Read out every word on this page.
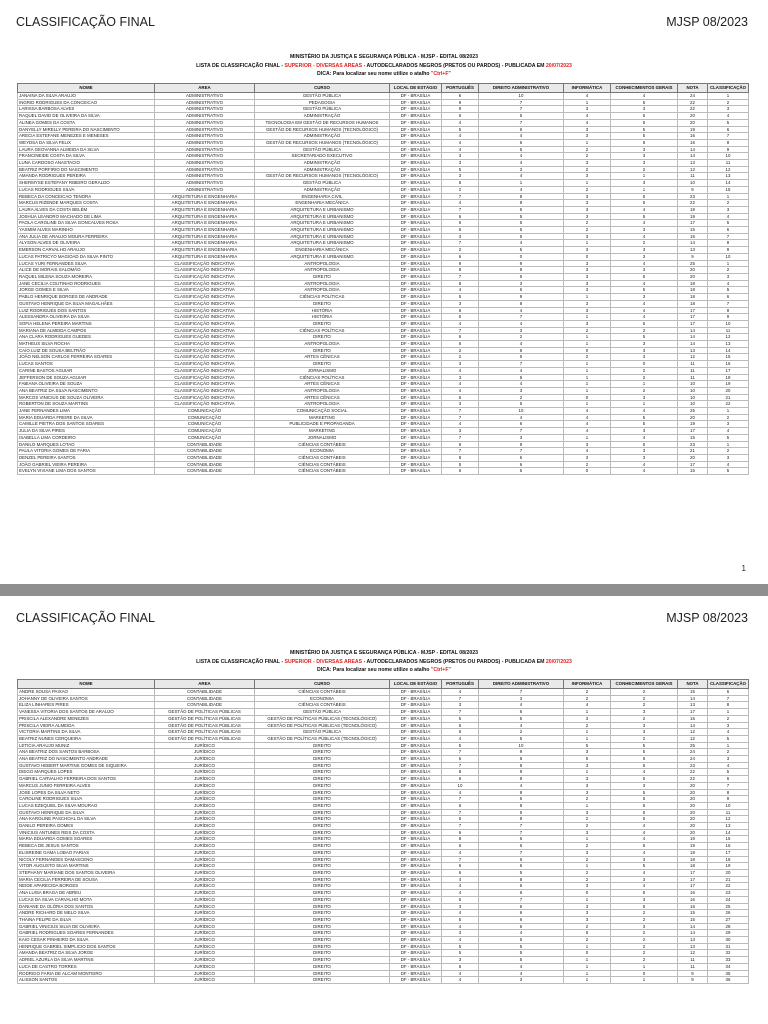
CLASSIFICAÇÃO FINAL	MJSP 08/2023
MINISTÉRIO DA JUSTIÇA E SEGURANÇA PÚBLICA - MJSP - EDITAL 08/2023
LISTA DE CLASSIFICAÇÃO FINAL - SUPERIOR - DIVERSAS AREAS - AUTODECLARADOS NEGROS (PRETOS OU PARDOS) - PUBLICADA EM 20/07/2023
DICA: Para localizar seu nome utilize o atalho "Ctrl+F"
NOME	AREA	CURSO	LOCAL DE ESTÁGIO	PORTUGUÊS	DIREITO ADMINISTRATIVO	INFORMÁTICA	CONHECIMENTOS GERAIS	NOTA	CLASSIFICAÇÃO
JANAINA DA SILVA ARAUJO	ADMINISTRATIVO	GESTÃO PÚBLICA	DF - BRASÍLIA	6	10	4	4	24	1
INGRID RODRIGUES DA CONCEICAO	ADMINISTRATIVO	PEDAGOGIA	DF - BRASÍLIA	9	7	1	5	22	2
LARISSA BARBOSA ALVES	ADMINISTRATIVO	GESTÃO PÚBLICA	DF - BRASÍLIA	9	7	3	3	22	3
RAQUEL DAVID DE OLIVEIRA DA SILVA	ADMINISTRATIVO	ADMINISTRAÇÃO	DF - BRASÍLIA	6	5	4	5	20	4
ALINEA GOMES DA COSTA	ADMINISTRATIVO	TECNOLOGIA EM GESTÃO DE RECURSOS HUMANOS	DF - BRASÍLIA	4	7	4	5	20	5
DANYELLY MIRELLY PEREIRA DO NASCIMENTO	ADMINISTRATIVO	GESTÃO DE RECURSOS HUMANOS (TECNOLÓGICO)	DF - BRASÍLIA	5	6	3	5	19	6
ARECIA ESTEFANE MENEZES E MENESES	ADMINISTRATIVO	ADMINISTRAÇÃO	DF - BRASÍLIA	4	4	3	5	16	7
WEYDSA DA SILVA FELIX	ADMINISTRATIVO	GESTÃO DE RECURSOS HUMANOS (TECNOLÓGICO)	DF - BRASÍLIA	4	6	1	5	16	8
LAURA GEOVANNA ALMEIDA DA SILVA	ADMINISTRATIVO	GESTÃO PÚBLICA	DF - BRASÍLIA	4	5	2	3	14	9
FRANCINEIDE COSTA DA SILVA	ADMINISTRATIVO	SECRETARIADO EXECUTIVO	DF - BRASÍLIA	3	4	2	3	14	10
LUNA CARDOSO ANASTACIO	ADMINISTRATIVO	ADMINISTRAÇÃO	DF - BRASÍLIA	3	4	3	3	13	11
BEATRIZ PORFIRIO DO NASCIMENTO	ADMINISTRATIVO	ADMINISTRAÇÃO	DF - BRASÍLIA	5	3	2	2	12	12
AMANDA RODRIGUES PEREIRA	ADMINISTRATIVO	GESTÃO DE RECURSOS HUMANOS (TECNOLÓGICO)	DF - BRASÍLIA	3	4	3	1	11	13
SHERMYSE ESTEFANY RIBEIRO GERALDO	ADMINISTRATIVO	GESTÃO PÚBLICA	DF - BRASÍLIA	5	1	1	3	10	14
LUCAS RODRIGUES SILVA	ADMINISTRATIVO	ADMINISTRAÇÃO	DF - BRASÍLIA	2	4	2	1	9	15
REBECA DA CONCEICAO TENORA	ARQUITETURA E ENGENHARIA	ENGENHARIA CIVIL	DF - BRASÍLIA	7	8	3	5	23	1
MARCUS RIZENDE MARQUES COSTA	ARQUITETURA E ENGENHARIA	ENGENHARIA MECÂNICA	DF - BRASÍLIA	4	8	3	5	22	2
LAURA ALVES DA COSTA BELÉM	ARQUITETURA E ENGENHARIA	ARQUITETURA E URBANISMO	DF - BRASÍLIA	7	5	3	4	19	3
JOSHUA LEANDRO MACHADO DE LIMA	ARQUITETURA E ENGENHARIA	ARQUITETURA E URBANISMO	DF - BRASÍLIA	6	5	3	5	19	4
PAOLA CAROLINE DA SILVA GONCALVES ROSA	ARQUITETURA E ENGENHARIA	ARQUITETURA E URBANISMO	DF - BRASÍLIA	6	5	2	4	17	5
YASMIM ALVES MARINHO	ARQUITETURA E ENGENHARIA	ARQUITETURA E URBANISMO	DF - BRASÍLIA	5	5	2	3	15	6
ANA JULIA DE ARAUJO MOURA FERREIRA	ARQUITETURA E ENGENHARIA	ARQUITETURA E URBANISMO	DF - BRASÍLIA	3	5	3	4	15	7
ALYSON ALVES DE OLIVEIRA	ARQUITETURA E ENGENHARIA	ARQUITETURA E URBANISMO	DF - BRASÍLIA	7	4	1	2	14	8
EMERSON CARVALHO ARAUJO	ARQUITETURA E ENGENHARIA	ENGENHARIA MECÂNICA	DF - BRASÍLIA	2	5	3	3	13	9
LUCAS PATRICYO MAGIOAD DA SILVA PINTO	ARQUITETURA E ENGENHARIA	ARQUITETURA E URBANISMO	DF - BRASÍLIA	6	0	0	3	9	10
LUCAS YURI FERNANDES SILVA	CLASSIFICAÇÃO INDICATIVA	ANTROPOLOGIA	DF - BRASÍLIA	9	9	3	4	25	1
ALICE DE MORAIS SALOMÃO	CLASSIFICAÇÃO INDICATIVA	ANTROPOLOGIA	DF - BRASÍLIA	8	8	3	3	20	2
RAQUEL MILENA SOUZA MOREIRA	CLASSIFICAÇÃO INDICATIVA	DIREITO	DF - BRASÍLIA	7	5	3	5	20	3
JANE CECILIA COUTINHO RODRIGUES	CLASSIFICAÇÃO INDICATIVA	ANTROPOLOGIA	DF - BRASÍLIA	8	3	3	4	18	4
JORGE GOMES E SILVA	CLASSIFICAÇÃO INDICATIVA	ANTROPOLOGIA	DF - BRASÍLIA	4	6	3	5	18	5
PABLO HENRIQUE BORGES DE ANDRADE	CLASSIFICAÇÃO INDICATIVA	CIÊNCIAS POLÍTICAS	DF - BRASÍLIA	5	9	1	3	18	6
GUSTAVO HENRIQUE DA SILVA MAGALHÃES	CLASSIFICAÇÃO INDICATIVA	DIREITO	DF - BRASÍLIA	3	8	3	4	18	7
LUIZ RODRIGUES DOS SANTOS	CLASSIFICAÇÃO INDICATIVA	HISTÓRIA	DF - BRASÍLIA	6	4	3	4	17	8
ALESSANDRA OLIVEIRA DA SILVA	CLASSIFICAÇÃO INDICATIVA	HISTÓRIA	DF - BRASÍLIA	5	7	1	4	17	9
SOFIA HELENA PEREIRA MARTINS	CLASSIFICAÇÃO INDICATIVA	DIREITO	DF - BRASÍLIA	4	4	3	5	17	10
MARIANA DE ALMEIDA CAMPOS	CLASSIFICAÇÃO INDICATIVA	CIÊNCIAS POLÍTICAS	DF - BRASÍLIA	7	3	2	2	14	11
ANA CLARA RODRIGUES GUEDES	CLASSIFICAÇÃO INDICATIVA	DIREITO	DF - BRASÍLIA	6	2	1	5	14	12
MATHEUS SILVA ROCHA	CLASSIFICAÇÃO INDICATIVA	ANTROPOLOGIA	DF - BRASÍLIA	6	4	1	3	14	13
CAIO LUIZ DE SOUSA BELTRÃO	CLASSIFICAÇÃO INDICATIVA	DIREITO	DF - BRASÍLIA	2	8	0	3	13	14
JOÃO NELSON CARLOS FERREIRA SOARES	CLASSIFICAÇÃO INDICATIVA	ARTES CÊNICAS	DF - BRASÍLIA	2	5	2	3	12	15
LUCAS SANTOS	CLASSIFICAÇÃO INDICATIVA	DIREITO	DF - BRASÍLIA	3	7	1	0	11	16
CARINE BASTOS AGUIAR	CLASSIFICAÇÃO INDICATIVA	JORNALISMO	DF - BRASÍLIA	4	4	1	2	11	17
JEFFERSON DE SOUZA AGUIAR	CLASSIFICAÇÃO INDICATIVA	CIÊNCIAS POLÍTICAS	DF - BRASÍLIA	3	5	1	2	11	18
FABIANA OLIVEIRA DE SOUZA	CLASSIFICAÇÃO INDICATIVA	ARTES CÊNICAS	DF - BRASÍLIA	4	4	1	1	10	19
ANA BEATRIZ DA SILVA NASCIMENTO	CLASSIFICAÇÃO INDICATIVA	ANTROPOLOGIA	DF - BRASÍLIA	4	3	1	2	10	20
MARCOS VINICIUS DE SOUZA OLIVEIRA	CLASSIFICAÇÃO INDICATIVA	ARTES CÊNICAS	DF - BRASÍLIA	5	2	0	3	10	21
ROBERTON DE SOUZA MARTINS	CLASSIFICAÇÃO INDICATIVA	ANTROPOLOGIA	DF - BRASÍLIA	3	5	1	1	10	22
JANE FERNANDES LIMA	COMUNICAÇÃO	COMUNICAÇÃO SOCIAL	DF - BRASÍLIA	7	10	4	4	25	1
MARIA EDUARDA FREIRE DA SILVA	COMUNICAÇÃO	MARKETING	DF - BRASÍLIA	7	4	4	5	20	2
CAMILLE PIETRA DOS SANTOS SOARES	COMUNICAÇÃO	PUBLICIDADE E PROPAGANDA	DF - BRASÍLIA	4	6	4	5	19	3
JULIA DA SILVA PIRES	COMUNICAÇÃO	MARKETING	DF - BRASÍLIA	3	7	4	3	17	4
ISABELLA LIMA CORDEIRO	COMUNICAÇÃO	JORNALISMO	DF - BRASÍLIA	7	3	1	4	15	5
DANILO MARQUES LOTAO	CONTABILIDADE	CIÊNCIAS CONTÁBEIS	DF - BRASÍLIA	6	9	3	5	23	1
PAULA VITORIA GOMES DE FARIA	CONTABILIDADE	ECONOMIA	DF - BRASÍLIA	7	7	4	3	21	2
DENZEL PEREIRA SANTOS	CONTABILIDADE	CIÊNCIAS CONTÁBEIS	DF - BRASÍLIA	8	6	3	3	20	3
JOÃO GABRIEL VIEIRA PEREIRA	CONTABILIDADE	CIÊNCIAS CONTÁBEIS	DF - BRASÍLIA	5	6	2	4	17	4
EVELYN VIVIANE LIMA DOS SANTOS	CONTABILIDADE	CIÊNCIAS CONTÁBEIS	DF - BRASÍLIA	6	5	0	4	15	5
1
CLASSIFICAÇÃO FINAL	MJSP 08/2023
MINISTÉRIO DA JUSTIÇA E SEGURANÇA PÚBLICA - MJSP - EDITAL 08/2023
LISTA DE CLASSIFICAÇÃO FINAL - SUPERIOR - DIVERSAS AREAS - AUTODECLARADOS NEGROS (PRETOS OU PARDOS) - PUBLICADA EM 20/07/2023
DICA: Para localizar seu nome utilize o atalho "Ctrl+F"
NOME	AREA	CURSO	LOCAL DE ESTÁGIO	PORTUGUÊS	DIREITO ADMINISTRATIVO	INFORMÁTICA	CONHECIMENTOS GERAIS	NOTA	CLASSIFICAÇÃO
ANDRE SOUSA PAIXAO	CONTABILIDADE	CIÊNCIAS CONTÁBEIS	DF - BRASÍLIA	4	7	2	2	15	6
JOHANNY DE OLIVEIRA SANTOS	CONTABILIDADE	ECONOMIA	DF - BRASÍLIA	7	3	2	2	14	7
ELIZA LINHARES PIRES	CONTABILIDADE	CIÊNCIAS CONTÁBEIS	DF - BRASÍLIA	3	4	4	2	13	8
VANESSA VITORIA DOS SANTOS DE ARAUJO	GESTÃO DE POLÍTICAS PÚBLICAS	GESTÃO PÚBLICA	DF - BRASÍLIA	7	6	1	3	17	1
PRISCILA ALEXANDRE MENEZES	GESTÃO DE POLÍTICAS PÚBLICAS	GESTÃO DE POLÍTICAS PÚBLICAS (TECNOLÓGICO)	DF - BRASÍLIA	5	5	3	2	15	2
PRISCILA VIEIRA ALMEIDA	GESTÃO DE POLÍTICAS PÚBLICAS	GESTÃO DE POLÍTICAS PÚBLICAS (TECNOLÓGICO)	DF - BRASÍLIA	5	4	2	3	14	3
VICTORIA MARTINS DA SILVA	GESTÃO DE POLÍTICAS PÚBLICAS	GESTÃO PÚBLICA	DF - BRASÍLIA	6	2	1	3	12	4
BEATRIZ NUNES CERQUEIRA	GESTÃO DE POLÍTICAS PÚBLICAS	GESTÃO DE POLÍTICAS PÚBLICAS (TECNOLÓGICO)	DF - BRASÍLIA	4	5	1	2	12	5
LETICIA ARAUJO MUNIZ	JURÍDICO	DIREITO	DF - BRASÍLIA	5	10	5	5	25	1
ANA BEATRIZ DOS SANTOS BARBOSA	JURÍDICO	DIREITO	DF - BRASÍLIA	7	9	3	5	24	2
ANA BEATRIZ DO NASCIMENTO ANDRADE	JURÍDICO	DIREITO	DF - BRASÍLIA	6	8	5	5	24	3
GUSTAVO HEBERT MARTINS GOMES DE SIQUEIRA	JURÍDICO	DIREITO	DF - BRASÍLIA	7	8	3	5	23	4
DIEGO MARQUES LOPES	JURÍDICO	DIREITO	DF - BRASÍLIA	8	9	1	4	22	5
GABRIEL CARVALHO FERREIRA DOS SANTOS	JURÍDICO	DIREITO	DF - BRASÍLIA	6	8	3	5	22	6
MARCUS JUNIO FERREIRA ALVES	JURÍDICO	DIREITO	DF - BRASÍLIA	10	4	3	3	20	7
JOSE LOPES DA SILVA NETO	JURÍDICO	DIREITO	DF - BRASÍLIA	4	8	3	5	20	8
CAROLINE RODRIGUES SILVA	JURÍDICO	DIREITO	DF - BRASÍLIA	7	6	2	5	20	9
LUCAS EZEQUIEL DA SILVA MOURAO	JURÍDICO	DIREITO	DF - BRASÍLIA	6	8	1	5	20	10
GUSTAVO HENRIQUE DA SILVA	JURÍDICO	DIREITO	DF - BRASÍLIA	7	5	3	5	20	11
ANA KAROLINE PASCHOAL DA SILVA	JURÍDICO	DIREITO	DF - BRASÍLIA	5	8	2	5	20	12
DANILO PEREIRA GOMES	JURÍDICO	DIREITO	DF - BRASÍLIA	7	7	2	4	20	13
VINICIUS ANTUNES REIS DA COSTA	JURÍDICO	DIREITO	DF - BRASÍLIA	6	7	3	4	20	14
MARIA EDUARDA GOMES SOARES	JURÍDICO	DIREITO	DF - BRASÍLIA	8	6	1	4	19	15
REBECA DE JESUS SANTOS	JURÍDICO	DIREITO	DF - BRASÍLIA	6	6	2	5	19	16
ELISREINE GAMA LOBAO FARIAS	JURÍDICO	DIREITO	DF - BRASÍLIA	4	7	3	4	18	17
NICOLY FERNANDES DAMASCENO	JURÍDICO	DIREITO	DF - BRASÍLIA	7	6	2	3	18	18
VITOR AUGUSTO SILVA MARTINS	JURÍDICO	DIREITO	DF - BRASÍLIA	6	6	1	5	18	19
STEPHANY MARIANE DOS SANTOS OLIVEIRA	JURÍDICO	DIREITO	DF - BRASÍLIA	6	5	2	4	17	20
MARIA CECILIA FERREIRA DE SOUSA	JURÍDICO	DIREITO	DF - BRASÍLIA	4	8	2	3	17	21
NEIDE APARECIDA BORGES	JURÍDICO	DIREITO	DF - BRASÍLIA	4	6	3	4	17	22
ANA LUISA BRAGA DE ABREU	JURÍDICO	DIREITO	DF - BRASÍLIA	4	6	0	5	16	23
LUCAS DA SILVA CARVALHO MOTA	JURÍDICO	DIREITO	DF - BRASÍLIA	5	7	1	3	16	24
DANIANE DA GLÓRIA DOS SANTOS	JURÍDICO	DIREITO	DF - BRASÍLIA	3	6	3	5	16	25
ANDRE RICHARD DE MELO SILVA	JURÍDICO	DIREITO	DF - BRASÍLIA	4	6	3	2	15	26
THAINA FELIPE DA SILVA	JURÍDICO	DIREITO	DF - BRASÍLIA	5	6	3	2	15	27
GABRIEL VINICIUS SILVA DE OLIVEIRA	JURÍDICO	DIREITO	DF - BRASÍLIA	4	6	2	3	14	28
GABRIEL RODRIGUES SOARES FERNANDES	JURÍDICO	DIREITO	DF - BRASÍLIA	3	4	5	2	14	29
KAIO CESAR PINHEIRO DA SILVA	JURÍDICO	DIREITO	DF - BRASÍLIA	4	5	2	2	13	30
HENRIQUE GABRIEL SIMPLICIO DOS SANTOS	JURÍDICO	DIREITO	DF - BRASÍLIA	5	5	1	2	13	31
AMANDA BEATRIZ DA SILVA JORGE	JURÍDICO	DIREITO	DF - BRASÍLIA	5	5	0	2	12	32
ADRIEL AZURLA DA SILVA MARTINS	JURÍDICO	DIREITO	DF - BRASÍLIA	3	5	1	2	11	33
LUCA DE CASTRO TORRES	JURÍDICO	DIREITO	DF - BRASÍLIA	5	4	1	1	11	34
RODRIGO FARIA DE ALCAM MONTEIRO	JURÍDICO	DIREITO	DF - BRASÍLIA	4	4	1	0	9	35
ALISSON SANTOS	JURÍDICO	DIREITO	DF - BRASÍLIA	4	3	1	1	9	36
